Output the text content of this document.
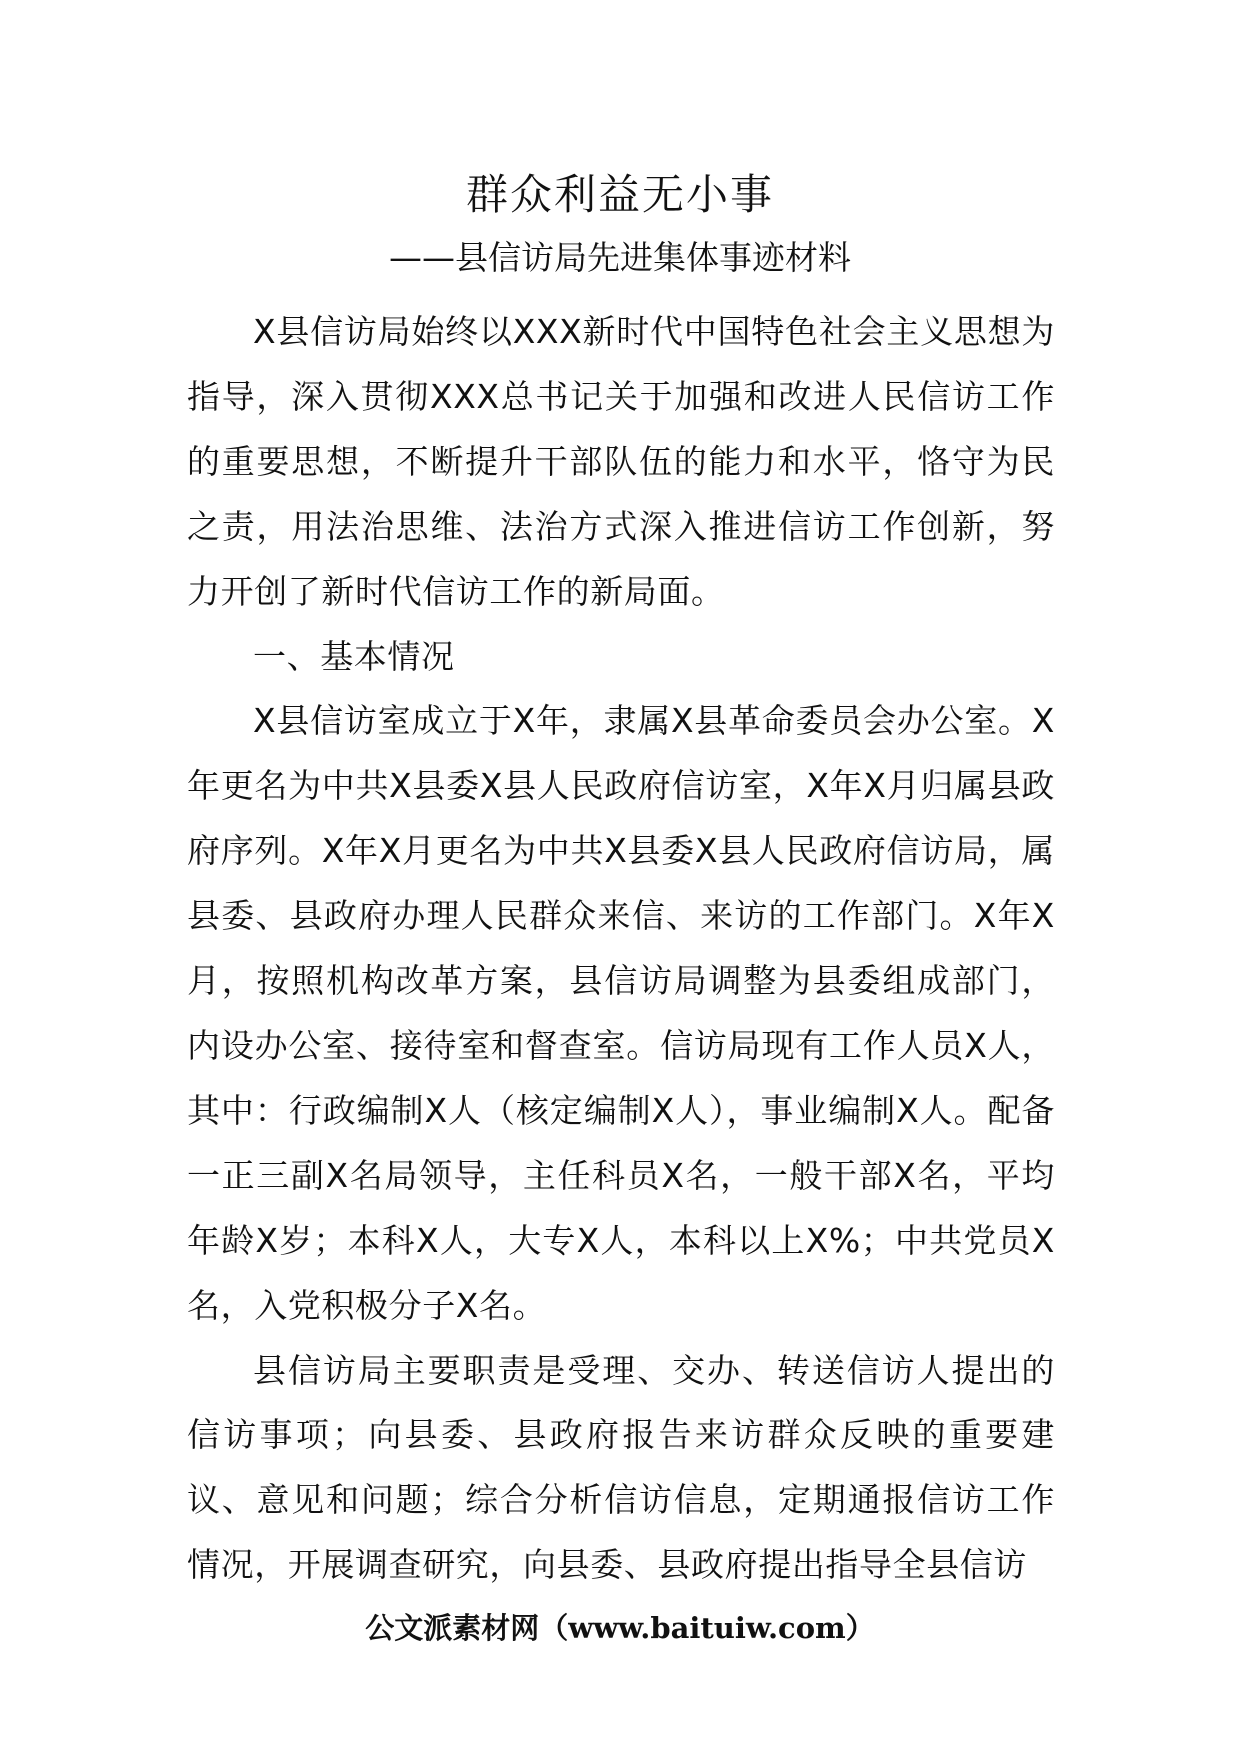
群众利益无小事
——县信访局先进集体事迹材料

X县信访局始终以XXX新时代中国特色社会主义思想为指导，深入贯彻XXX总书记关于加强和改进人民信访工作的重要思想，不断提升干部队伍的能力和水平，恪守为民之责，用法治思维、法治方式深入推进信访工作创新，努力开创了新时代信访工作的新局面。

一、基本情况

X县信访室成立于X年，隶属X县革命委员会办公室。X年更名为中共X县委X县人民政府信访室，X年X月归属县政府序列。X年X月更名为中共X县委X县人民政府信访局，属县委、县政府办理人民群众来信、来访的工作部门。X年X月，按照机构改革方案，县信访局调整为县委组成部门，内设办公室、接待室和督查室。信访局现有工作人员X人，其中：行政编制X人（核定编制X人），事业编制X人。配备一正三副X名局领导，主任科员X名，一般干部X名，平均年龄X岁；本科X人，大专X人，本科以上X%；中共党员X名，入党积极分子X名。

县信访局主要职责是受理、交办、转送信访人提出的信访事项；向县委、县政府报告来访群众反映的重要建议、意见和问题；综合分析信访信息，定期通报信访工作情况，开展调查研究，向县委、县政府提出指导全县信访

公文派素材网（www.baituiw.com）
